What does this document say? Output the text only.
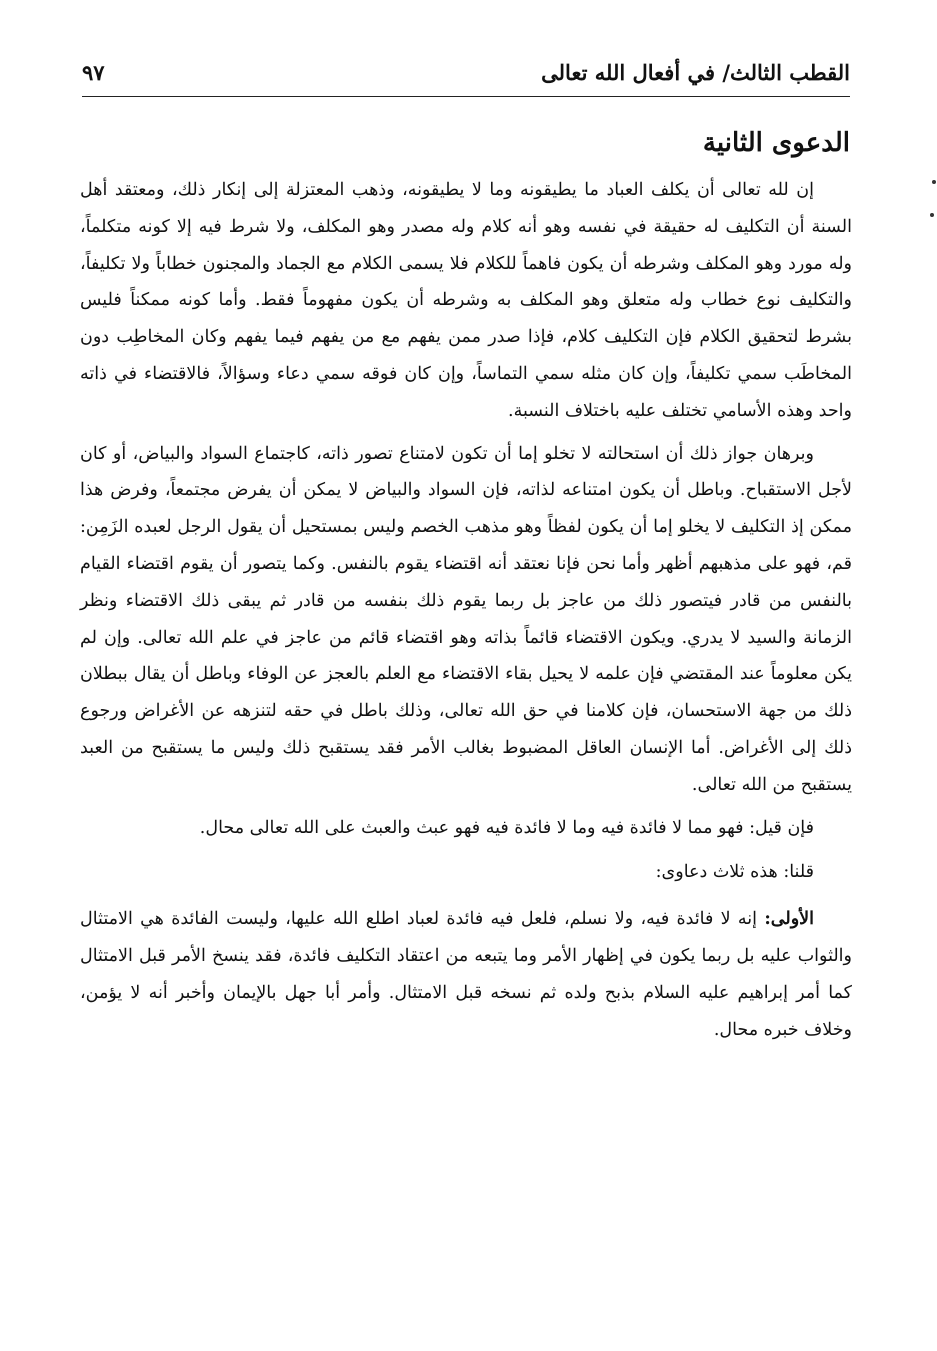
القطب الثالث/ في أفعال الله تعالى
٩٧
الدعوى الثانية

إن لله تعالى أن يكلف العباد ما يطيقونه وما لا يطيقونه، وذهب المعتزلة إلى إنكار ذلك، ومعتقد أهل السنة أن التكليف له حقيقة في نفسه وهو أنه كلام وله مصدر وهو المكلف، ولا شرط فيه إلا كونه متكلماً، وله مورد وهو المكلف وشرطه أن يكون فاهماً للكلام فلا يسمى الكلام مع الجماد والمجنون خطاباً ولا تكليفاً، والتكليف نوع خطاب وله متعلق وهو المكلف به وشرطه أن يكون مفهوماً فقط. وأما كونه ممكناً فليس بشرط لتحقيق الكلام فإن التكليف كلام، فإذا صدر ممن يفهم مع من يفهم فيما يفهم وكان المخاطِب دون المخاطَب سمي تكليفاً، وإن كان مثله سمي التماساً، وإن كان فوقه سمي دعاء وسؤالاً، فالاقتضاء في ذاته واحد وهذه الأسامي تختلف عليه باختلاف النسبة.

وبرهان جواز ذلك أن استحالته لا تخلو إما أن تكون لامتناع تصور ذاته، كاجتماع السواد والبياض، أو كان لأجل الاستقباح. وباطل أن يكون امتناعه لذاته، فإن السواد والبياض لا يمكن أن يفرض مجتمعاً، وفرض هذا ممكن إذ التكليف لا يخلو إما أن يكون لفظاً وهو مذهب الخصم وليس بمستحيل أن يقول الرجل لعبده الزَمِن: قم، فهو على مذهبهم أظهر وأما نحن فإنا نعتقد أنه اقتضاء يقوم بالنفس. وكما يتصور أن يقوم اقتضاء القيام بالنفس من قادر فيتصور ذلك من عاجز بل ربما يقوم ذلك بنفسه من قادر ثم يبقى ذلك الاقتضاء ونظر الزمانة والسيد لا يدري. ويكون الاقتضاء قائماً بذاته وهو اقتضاء قائم من عاجز في علم الله تعالى. وإن لم يكن معلوماً عند المقتضي فإن علمه لا يحيل بقاء الاقتضاء مع العلم بالعجز عن الوفاء وباطل أن يقال ببطلان ذلك من جهة الاستحسان، فإن كلامنا في حق الله تعالى، وذلك باطل في حقه لتنزهه عن الأغراض ورجوع ذلك إلى الأغراض. أما الإنسان العاقل المضبوط بغالب الأمر فقد يستقبح ذلك وليس ما يستقبح من العبد يستقبح من الله تعالى.

فإن قيل: فهو مما لا فائدة فيه وما لا فائدة فيه فهو عبث والعبث على الله تعالى محال.

قلنا: هذه ثلاث دعاوى:

الأولى: إنه لا فائدة فيه، ولا نسلم، فلعل فيه فائدة لعباد اطلع الله عليها، وليست الفائدة هي الامتثال والثواب عليه بل ربما يكون في إظهار الأمر وما يتبعه من اعتقاد التكليف فائدة، فقد ينسخ الأمر قبل الامتثال كما أمر إبراهيم عليه السلام بذبح ولده ثم نسخه قبل الامتثال. وأمر أبا جهل بالإيمان وأخبر أنه لا يؤمن، وخلاف خبره محال.
